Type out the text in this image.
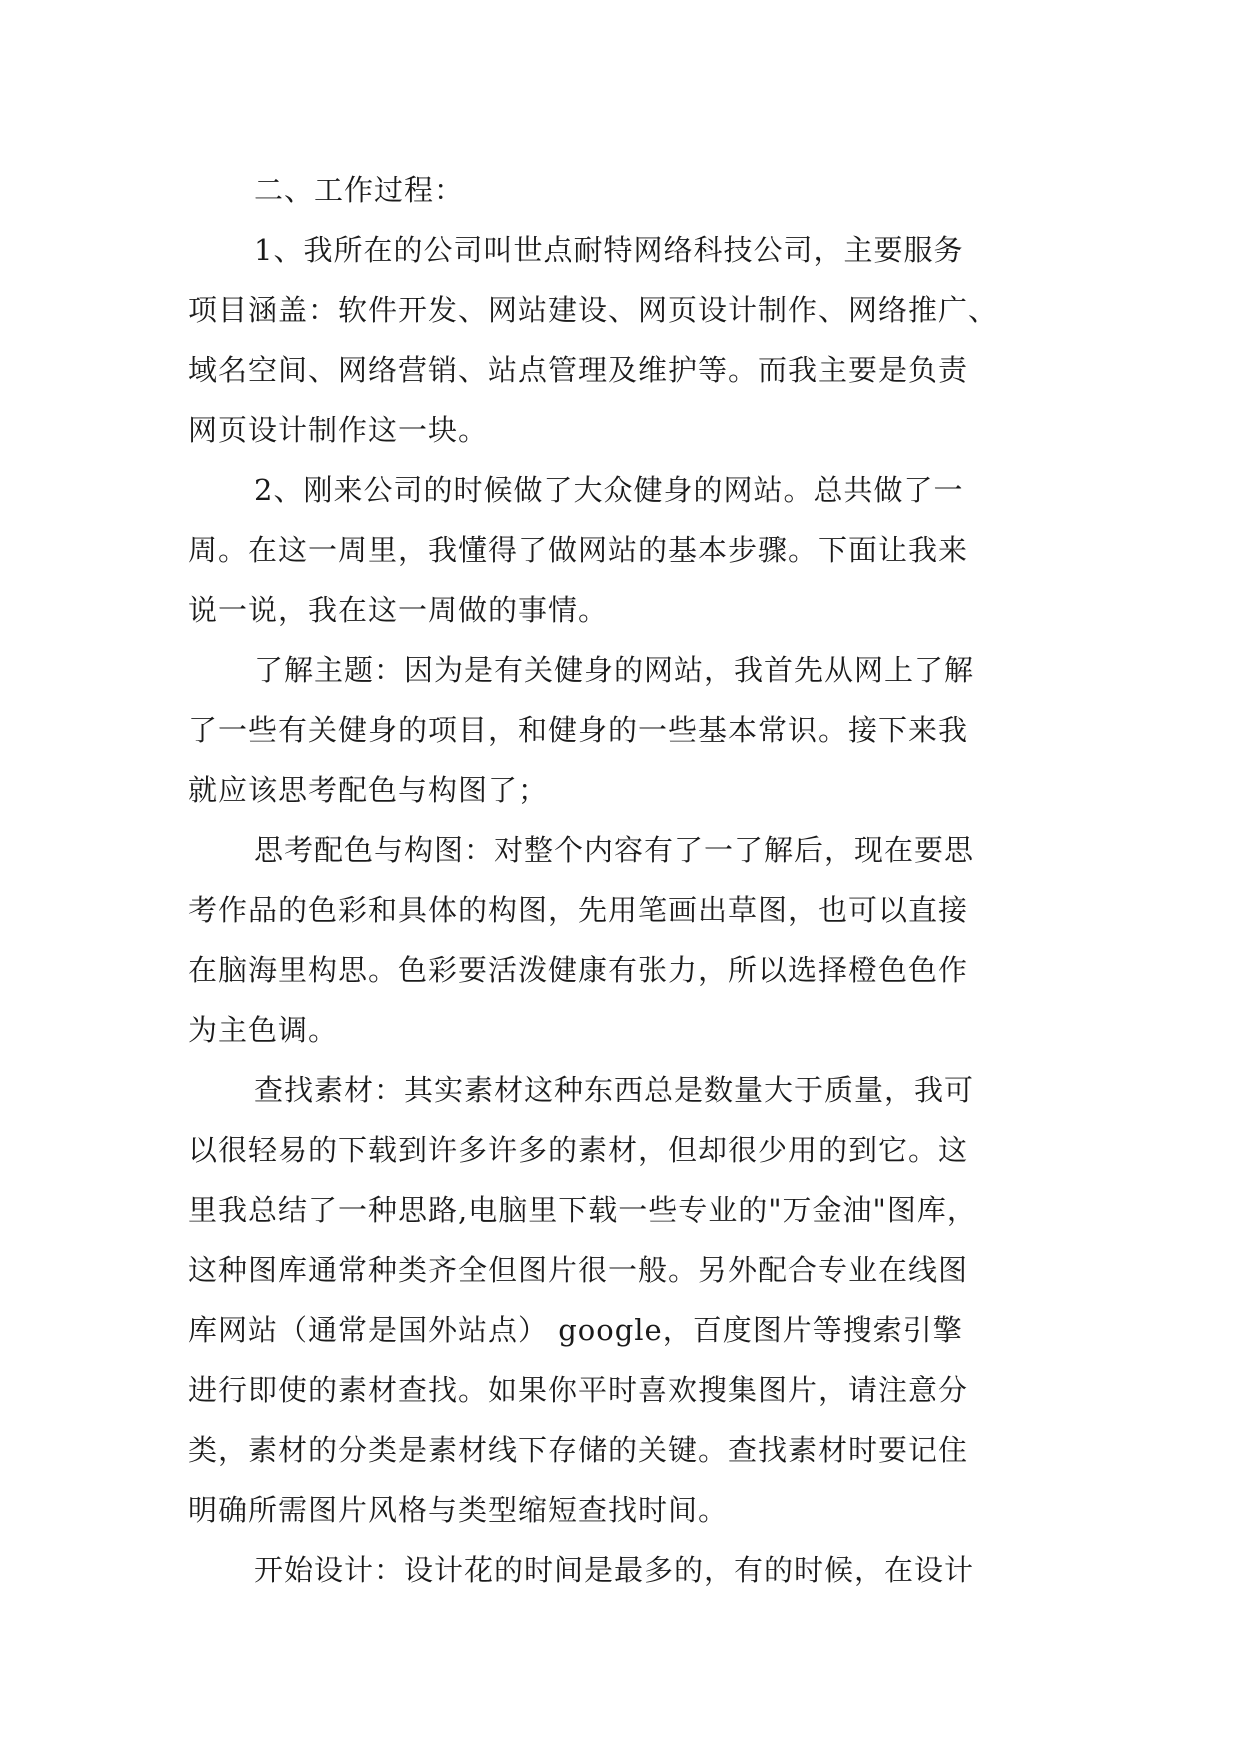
二、工作过程：
1、我所在的公司叫世点耐特网络科技公司，主要服务
项目涵盖：软件开发、网站建设、网页设计制作、网络推广、
域名空间、网络营销、站点管理及维护等。而我主要是负责
网页设计制作这一块。
2、刚来公司的时候做了大众健身的网站。总共做了一
周。在这一周里，我懂得了做网站的基本步骤。下面让我来
说一说，我在这一周做的事情。
了解主题：因为是有关健身的网站，我首先从网上了解
了一些有关健身的项目，和健身的一些基本常识。接下来我
就应该思考配色与构图了；
思考配色与构图：对整个内容有了一了解后，现在要思
考作品的色彩和具体的构图，先用笔画出草图，也可以直接
在脑海里构思。色彩要活泼健康有张力，所以选择橙色色作
为主色调。
查找素材：其实素材这种东西总是数量大于质量，我可
以很轻易的下载到许多许多的素材，但却很少用的到它。这
里我总结了一种思路,电脑里下载一些专业的"万金油"图库，
这种图库通常种类齐全但图片很一般。另外配合专业在线图
库网站（通常是国外站点） google，百度图片等搜索引擎
进行即使的素材查找。如果你平时喜欢搜集图片，请注意分
类，素材的分类是素材线下存储的关键。查找素材时要记住
明确所需图片风格与类型缩短查找时间。
开始设计：设计花的时间是最多的，有的时候，在设计
